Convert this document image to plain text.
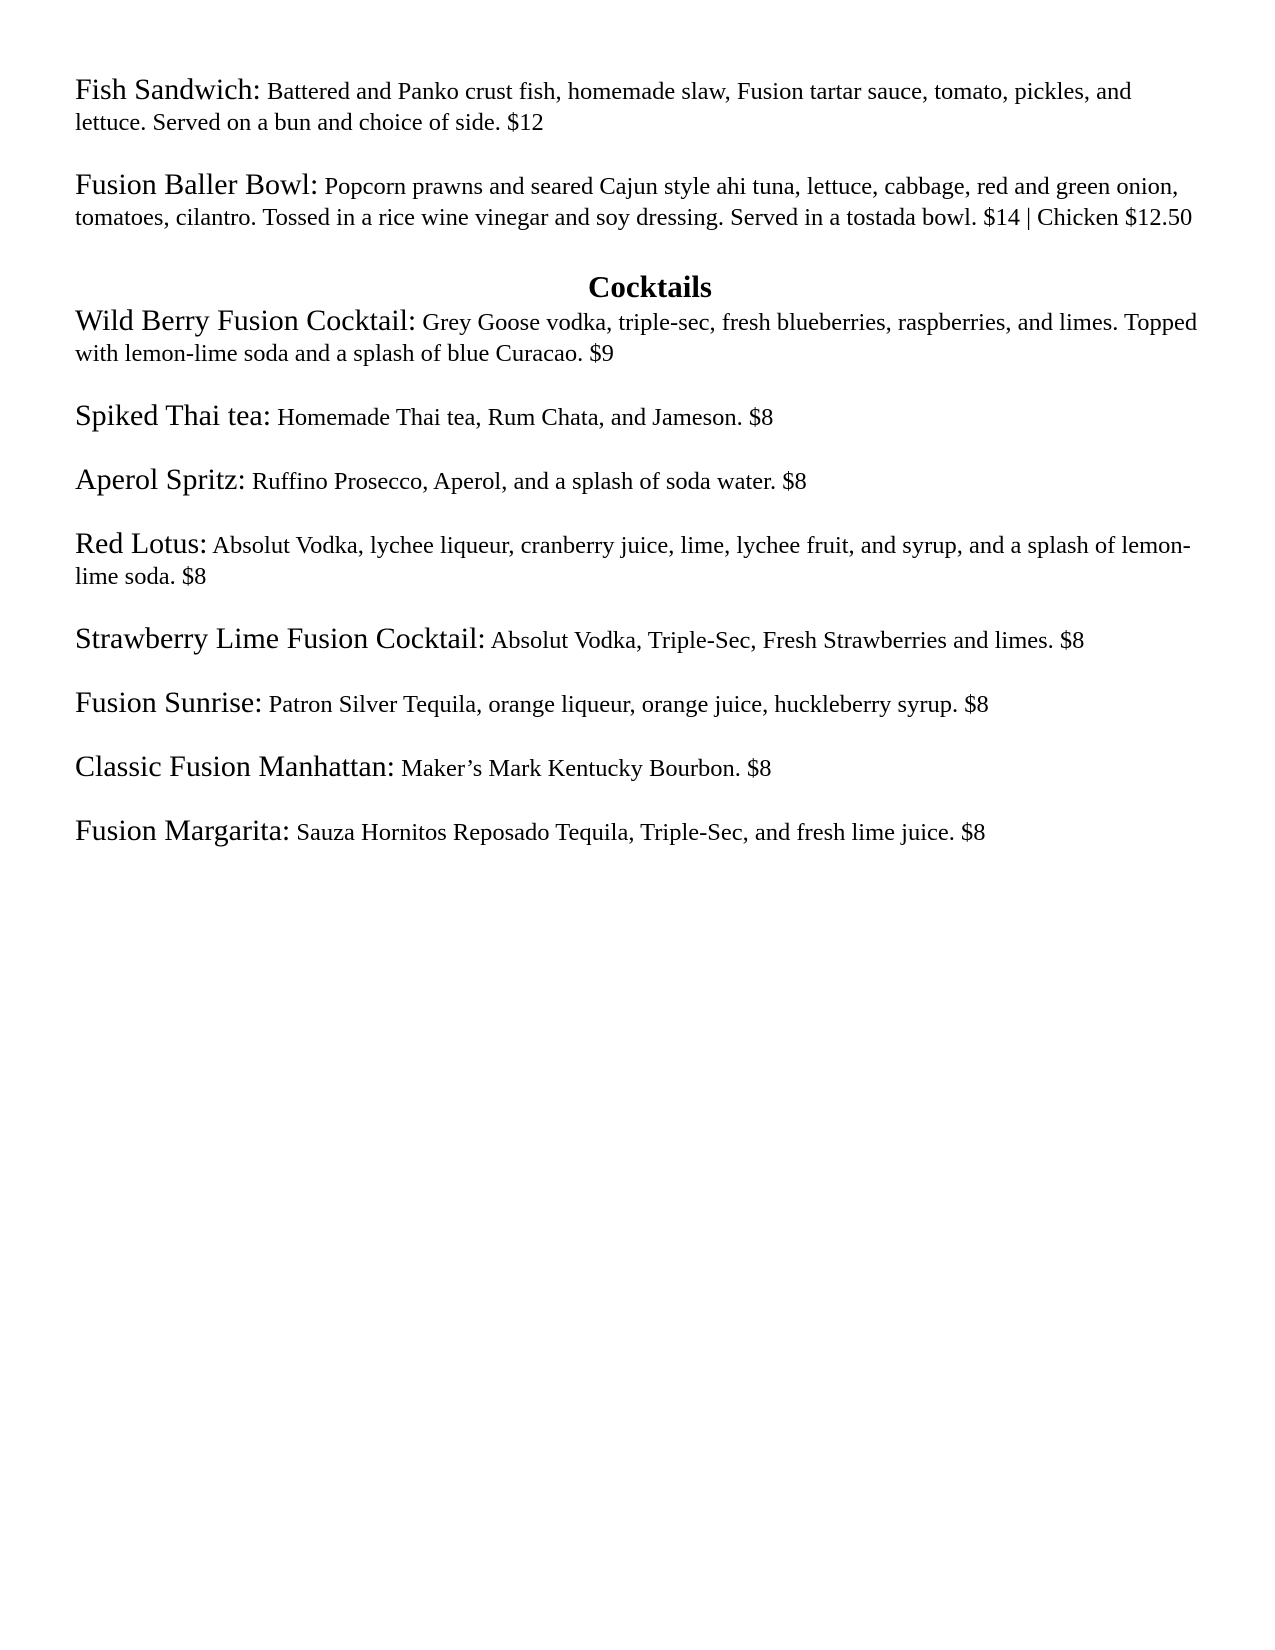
Fish Sandwich: Battered and Panko crust fish, homemade slaw, Fusion tartar sauce, tomato, pickles, and lettuce. Served on a bun and choice of side. $12

Fusion Baller Bowl: Popcorn prawns and seared Cajun style ahi tuna, lettuce, cabbage, red and green onion, tomatoes, cilantro. Tossed in a rice wine vinegar and soy dressing. Served in a tostada bowl. $14 | Chicken $12.50

Cocktails

Wild Berry Fusion Cocktail: Grey Goose vodka, triple-sec, fresh blueberries, raspberries, and limes. Topped with lemon-lime soda and a splash of blue Curacao. $9

Spiked Thai tea: Homemade Thai tea, Rum Chata, and Jameson. $8

Aperol Spritz: Ruffino Prosecco, Aperol, and a splash of soda water. $8

Red Lotus: Absolut Vodka, lychee liqueur, cranberry juice, lime, lychee fruit, and syrup, and a splash of lemon-lime soda. $8

Strawberry Lime Fusion Cocktail: Absolut Vodka, Triple-Sec, Fresh Strawberries and limes. $8

Fusion Sunrise: Patron Silver Tequila, orange liqueur, orange juice, huckleberry syrup. $8

Classic Fusion Manhattan: Maker’s Mark Kentucky Bourbon. $8

Fusion Margarita: Sauza Hornitos Reposado Tequila, Triple-Sec, and fresh lime juice. $8
